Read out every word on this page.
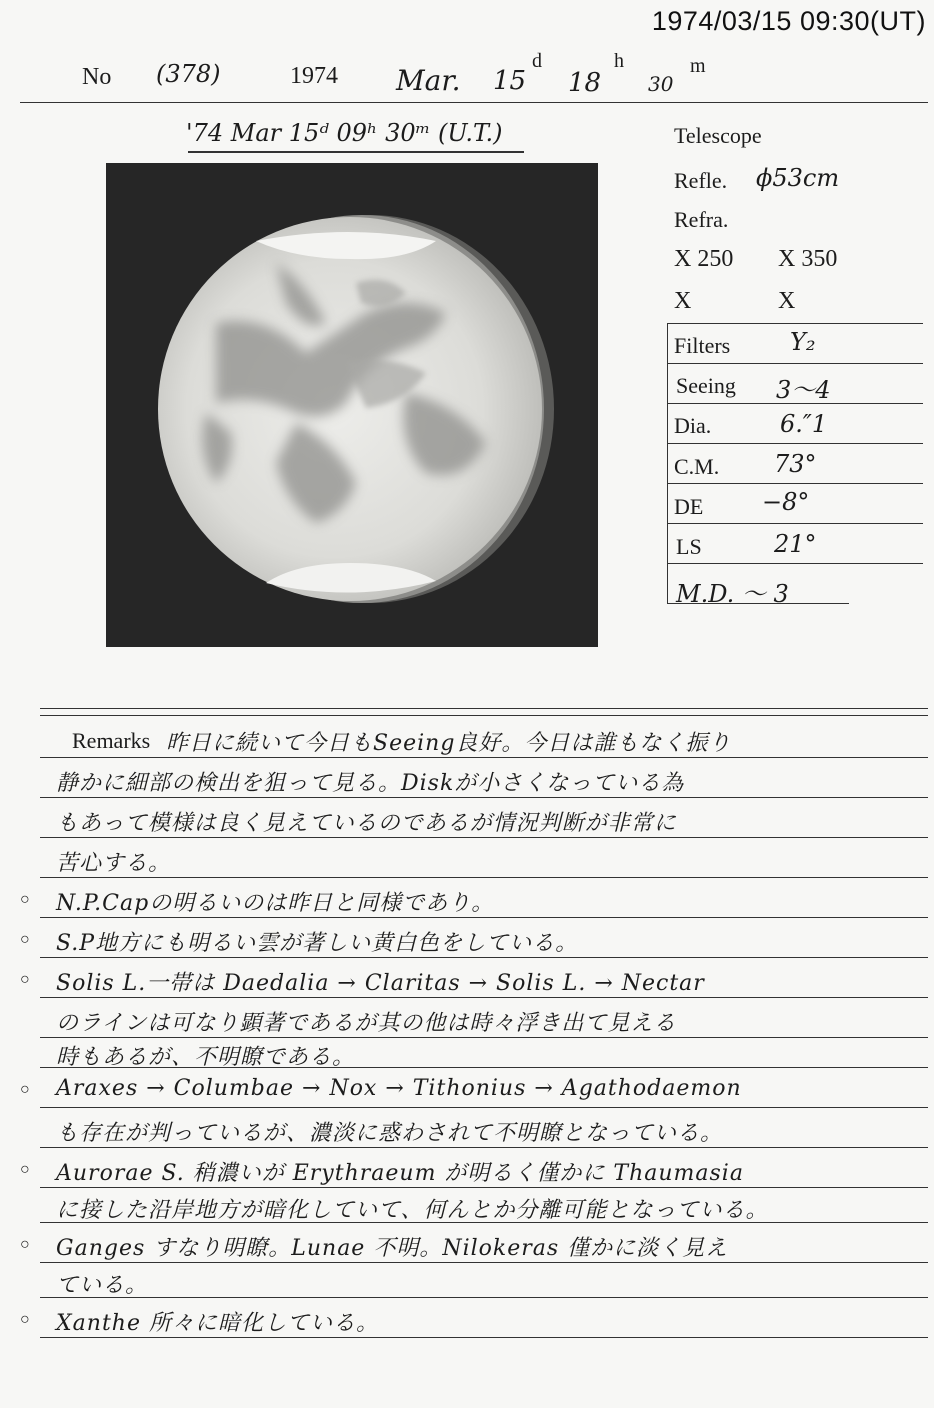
1974/03/15 09:30(UT)
No (378)	1974 Mar. 15
d
18
h
30
m
'74 Mar 15ᵈ 09ʰ 30ᵐ (U.T.)	Telescope
Refle. ϕ53cm
Refra.
X 250 X 350
X	X
Filters Y₂
Seeing 3〜4
Dia.	6.″1
C.M. 73°
DE −8°
LS	21°
M.D. 〜 3
Remarks 昨日に続いて今日もSeeing良好。今日は誰もなく振り
静かに細部の検出を狙って見る。Diskが小さくなっている為
もあって模様は良く見えているのであるが情況判断が非常に
苦心する。
○ N.P.Capの明るいのは昨日と同様であり。
○ S.P地方にも明るい雲が著しい黄白色をしている。
○ Solis L.一帯は Daedalia → Claritas → Solis L. → Nectar
のラインは可なり顕著であるが其の他は時々浮き出て見える
時もあるが、不明瞭である。
○ Araxes → Columbae → Nox → Tithonius → Agathodaemon
も存在が判っているが、濃淡に惑わされて不明瞭となっている。
○ Aurorae S. 稍濃いが Erythraeum が明るく僅かに Thaumasia
に接した沿岸地方が暗化していて、何んとか分離可能となっている。
○ Ganges すなり明瞭。Lunae 不明。Nilokeras 僅かに淡く見え
ている。
○ Xanthe 所々に暗化している。
